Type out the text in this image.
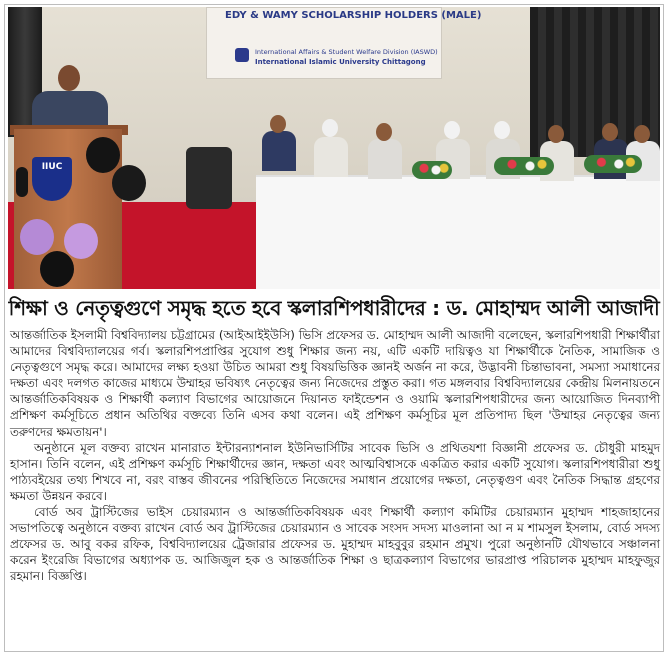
EDY & WAMY SCHOLARSHIP HOLDERS (MALE)
International Affairs & Student Welfare Division (IASWD)
International Islamic University Chittagong
IIUC
শিক্ষা ও নেতৃত্বগুণে সমৃদ্ধ হতে হবে স্কলারশিপধারীদের : ড. মোহাম্মদ আলী আজাদী

আন্তর্জাতিক ইসলামী বিশ্ববিদ্যালয় চট্টগ্রামের (আইআইইউসি) ভিসি প্রফেসর ড. মোহাম্মদ আলী আজাদী বলেছেন, স্কলারশিপধারী শিক্ষার্থীরা আমাদের বিশ্ববিদ্যালয়ের গর্ব। স্কলারশিপপ্রাপ্তির সুযোগ শুধু শিক্ষার জন্য নয়, এটি একটি দায়িত্বও যা শিক্ষার্থীকে নৈতিক, সামাজিক ও নেতৃত্বগুণে সমৃদ্ধ করে। আমাদের লক্ষ্য হওয়া উচিত আমরা শুধু বিষয়ভিত্তিক জ্ঞানই অর্জন না করে, উদ্ভাবনী চিন্তাভাবনা, সমস্যা সমাধানের দক্ষতা এবং দলগত কাজের মাধ্যমে উম্মাহর ভবিষ্যৎ নেতৃত্বের জন্য নিজেদের প্রস্তুত করা। গত মঙ্গলবার বিশ্ববিদ্যালয়ের কেন্দ্রীয় মিলনায়তনে আন্তর্জাতিকবিষয়ক ও শিক্ষার্থী কল্যাণ বিভাগের আয়োজনে দিয়ানত ফাইন্ডেশন ও ওয়ামি স্কলারশিপধারীদের জন্য আয়োজিত দিনব্যাপী প্রশিক্ষণ কর্মসূচিতে প্রধান অতিথির বক্তব্যে তিনি এসব কথা বলেন। এই প্রশিক্ষণ কর্মসূচির মূল প্রতিপাদ্য ছিল 'উম্মাহর নেতৃত্বের জন্য তরুণদের ক্ষমতায়ন'।

অনুষ্ঠানে মূল বক্তব্য রাখেন মানারাত ইন্টারন্যাশনাল ইউনিভার্সিটির সাবেক ভিসি ও প্রথিতযশা বিজ্ঞানী প্রফেসর ড. চৌধুরী মাহমুদ হাসান। তিনি বলেন, এই প্রশিক্ষণ কর্মসূচি শিক্ষার্থীদের জ্ঞান, দক্ষতা এবং আত্মবিশ্বাসকে একত্রিত করার একটি সুযোগ। স্কলারশিপধারীরা শুধু পাঠ্যবইয়ের তথ্য শিখবে না, বরং বাস্তব জীবনের পরিস্থিতিতে নিজেদের সমাধান প্রয়োগের দক্ষতা, নেতৃত্বগুণ এবং নৈতিক সিদ্ধান্ত গ্রহণের ক্ষমতা উন্নয়ন করবে।

বোর্ড অব ট্রাস্টিজের ভাইস চেয়ারম্যান ও আন্তর্জাতিকবিষয়ক এবং শিক্ষার্থী কল্যাণ কমিটির চেয়ারম্যান মুহাম্মদ শাহজাহানের সভাপতিত্বে অনুষ্ঠানে বক্তব্য রাখেন বোর্ড অব ট্রাস্টিজের চেয়ারম্যান ও সাবেক সংসদ সদস্য মাওলানা আ ন ম শামসুল ইসলাম, বোর্ড সদস্য প্রফেসর ড. আবু বকর রফিক, বিশ্ববিদ্যালয়ের ট্রেজারার প্রফেসর ড. মুহাম্মদ মাহবুবুর রহমান প্রমুখ। পুরো অনুষ্ঠানটি যৌথভাবে সঞ্চালনা করেন ইংরেজি বিভাগের অধ্যাপক ড. আজিজুল হক ও আন্তর্জাতিক শিক্ষা ও ছাত্রকল্যাণ বিভাগের ভারপ্রাপ্ত পরিচালক মুহাম্মদ মাহফুজুর রহমান। বিজ্ঞপ্তি।
